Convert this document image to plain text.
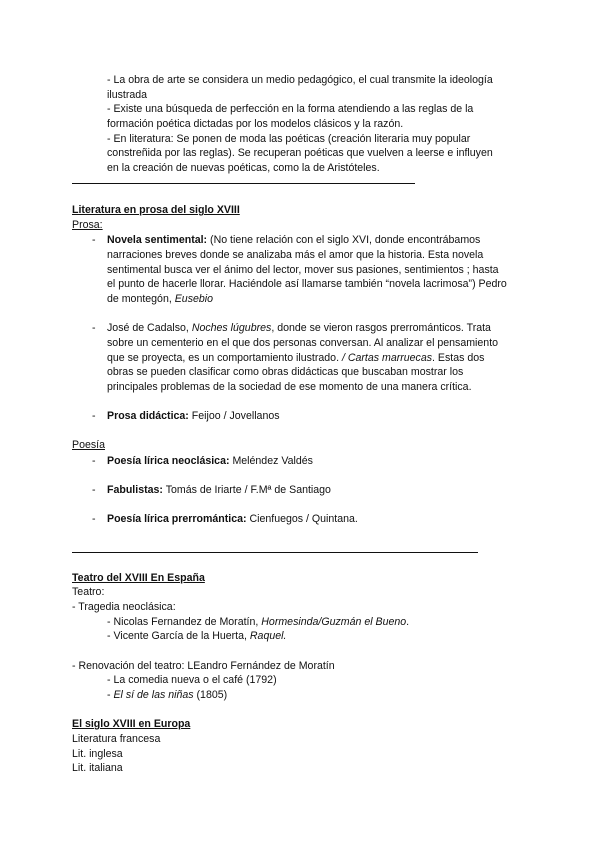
- La obra de arte se considera un medio pedagógico, el cual transmite la ideología
ilustrada
- Existe una búsqueda de perfección en la forma atendiendo a las reglas de la
formación poética dictadas por los modelos clásicos y la razón.
- En literatura: Se ponen de moda las poéticas (creación literaria muy popular
constreñida por las reglas). Se recuperan poéticas que vuelven a leerse e influyen
en la creación de nuevas poéticas, como la de Aristóteles.
Literatura en prosa del siglo XVIII
Prosa:
- Novela sentimental: (No tiene relación con el siglo XVI, donde encontrábamos
narraciones breves donde se analizaba más el amor que la historia. Esta novela
sentimental busca ver el ánimo del lector, mover sus pasiones, sentimientos ; hasta
el punto de hacerle llorar. Haciéndole así llamarse también “novela lacrimosa”) Pedro
de montegón, Eusebio
- José de Cadalso, Noches lúgubres, donde se vieron rasgos prerrománticos. Trata
sobre un cementerio en el que dos personas conversan. Al analizar el pensamiento
que se proyecta, es un comportamiento ilustrado. / Cartas marruecas. Estas dos
obras se pueden clasificar como obras didácticas que buscaban mostrar los
principales problemas de la sociedad de ese momento de una manera crítica.
- Prosa didáctica: Feijoo / Jovellanos
Poesía
- Poesía lírica neoclásica: Meléndez Valdés
- Fabulistas: Tomás de Iriarte / F.Mª de Santiago
- Poesía lírica prerromántica: Cienfuegos / Quintana.
Teatro del XVIII En España
Teatro:
- Tragedia neoclásica:
- Nicolas Fernandez de Moratín, Hormesinda/Guzmán el Bueno.
- Vicente García de la Huerta, Raquel.
- Renovación del teatro: LEandro Fernández de Moratín
- La comedia nueva o el café (1792)
- El sí de las niñas (1805)
El siglo XVIII en Europa
Literatura francesa
Lit. inglesa
Lit. italiana
